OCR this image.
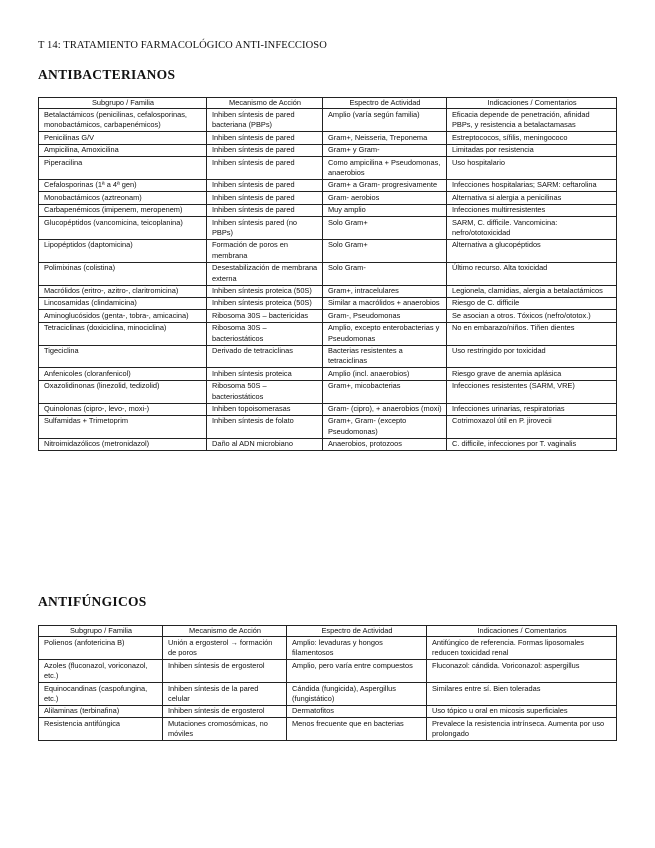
T 14: TRATAMIENTO FARMACOLÓGICO ANTI-INFECCIOSO
ANTIBACTERIANOS
Subgrupo / Familia	Mecanismo de Acción	Espectro de Actividad	Indicaciones / Comentarios
Betalactámicos (penicilinas, cefalosporinas, monobactámicos, carbapenémicos)	Inhiben síntesis de pared bacteriana (PBPs)	Amplio (varía según familia)	Eficacia depende de penetración, afinidad PBPs, y resistencia a betalactamasas
Penicilinas G/V	Inhiben síntesis de pared	Gram+, Neisseria, Treponema	Estreptococos, sífilis, meningococo
Ampicilina, Amoxicilina	Inhiben síntesis de pared	Gram+ y Gram-	Limitadas por resistencia
Piperacilina	Inhiben síntesis de pared	Como ampicilina + Pseudomonas, anaerobios	Uso hospitalario
Cefalosporinas (1ª a 4ª gen)	Inhiben síntesis de pared	Gram+ a Gram- progresivamente	Infecciones hospitalarias; SARM: ceftarolina
Monobactámicos (aztreonam)	Inhiben síntesis de pared	Gram- aerobios	Alternativa si alergia a penicilinas
Carbapenémicos (imipenem, meropenem)	Inhiben síntesis de pared	Muy amplio	Infecciones multirresistentes
Glucopéptidos (vancomicina, teicoplanina)	Inhiben síntesis pared (no PBPs)	Solo Gram+	SARM, C. difficile. Vancomicina: nefro/ototoxicidad
Lipopéptidos (daptomicina)	Formación de poros en membrana	Solo Gram+	Alternativa a glucopéptidos
Polimixinas (colistina)	Desestabilización de membrana externa	Solo Gram-	Último recurso. Alta toxicidad
Macrólidos (eritro-, azitro-, claritromicina)	Inhiben síntesis proteica (50S)	Gram+, intracelulares	Legionela, clamidias, alergia a betalactámicos
Lincosamidas (clindamicina)	Inhiben síntesis proteica (50S)	Similar a macrólidos + anaerobios	Riesgo de C. difficile
Aminoglucósidos (genta-, tobra-, amicacina)	Ribosoma 30S – bactericidas	Gram-, Pseudomonas	Se asocian a otros. Tóxicos (nefro/ototox.)
Tetraciclinas (doxiciclina, minociclina)	Ribosoma 30S – bacteriostáticos	Amplio, excepto enterobacterias y Pseudomonas	No en embarazo/niños. Tiñen dientes
Tigeciclina	Derivado de tetraciclinas	Bacterias resistentes a tetraciclinas	Uso restringido por toxicidad
Anfenicoles (cloranfenicol)	Inhiben síntesis proteica	Amplio (incl. anaerobios)	Riesgo grave de anemia aplásica
Oxazolidinonas (linezolid, tedizolid)	Ribosoma 50S – bacteriostáticos	Gram+, micobacterias	Infecciones resistentes (SARM, VRE)
Quinolonas (cipro-, levo-, moxi-)	Inhiben topoisomerasas	Gram- (cipro), + anaerobios (moxi)	Infecciones urinarias, respiratorias
Sulfamidas + Trimetoprim	Inhiben síntesis de folato	Gram+, Gram- (excepto Pseudomonas)	Cotrimoxazol útil en P. jirovecii
Nitroimidazólicos (metronidazol)	Daño al ADN microbiano	Anaerobios, protozoos	C. difficile, infecciones por T. vaginalis
ANTIFÚNGICOS
Subgrupo / Familia	Mecanismo de Acción	Espectro de Actividad	Indicaciones / Comentarios
Polienos (anfotericina B)	Unión a ergosterol → formación de poros	Amplio: levaduras y hongos filamentosos	Antifúngico de referencia. Formas liposomales reducen toxicidad renal
Azoles (fluconazol, voriconazol, etc.)	Inhiben síntesis de ergosterol	Amplio, pero varía entre compuestos	Fluconazol: cándida. Voriconazol: aspergillus
Equinocandinas (caspofungina, etc.)	Inhiben síntesis de la pared celular	Cándida (fungicida), Aspergillus (fungistático)	Similares entre sí. Bien toleradas
Alilaminas (terbinafina)	Inhiben síntesis de ergosterol	Dermatofitos	Uso tópico u oral en micosis superficiales
Resistencia antifúngica	Mutaciones cromosómicas, no móviles	Menos frecuente que en bacterias	Prevalece la resistencia intrínseca. Aumenta por uso prolongado
